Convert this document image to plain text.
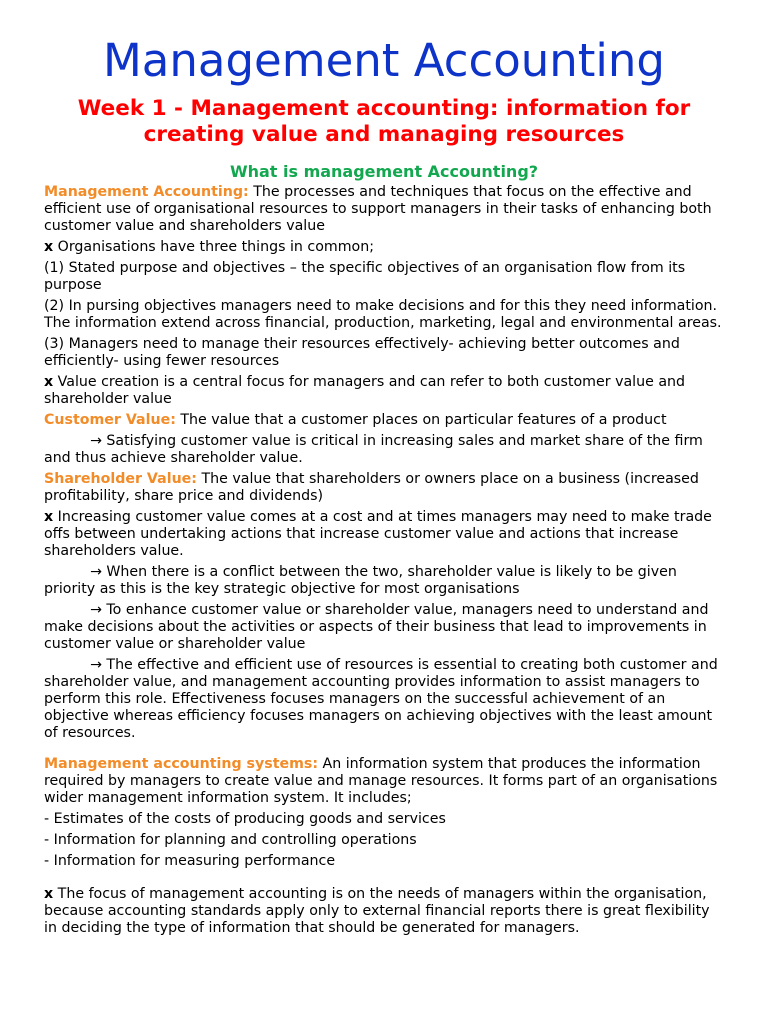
Management Accounting
Week 1 - Management accounting: information for creating value and managing resources
What is management Accounting?

Management Accounting: The processes and techniques that focus on the effective and efficient use of organisational resources to support managers in their tasks of enhancing both customer value and shareholders value

x Organisations have three things in common;

(1) Stated purpose and objectives – the specific objectives of an organisation flow from its purpose

(2) In pursing objectives managers need to make decisions and for this they need information. The information extend across financial, production, marketing, legal and environmental areas.

(3) Managers need to manage their resources effectively- achieving better outcomes and efficiently- using fewer resources

x Value creation is a central focus for managers and can refer to both customer value and shareholder value

Customer Value: The value that a customer places on particular features of a product

→ Satisfying customer value is critical in increasing sales and market share of the firm and thus achieve shareholder value.

Shareholder Value: The value that shareholders or owners place on a business (increased profitability, share price and dividends)

x Increasing customer value comes at a cost and at times managers may need to make trade offs between undertaking actions that increase customer value and actions that increase shareholders value.

→ When there is a conflict between the two, shareholder value is likely to be given priority as this is the key strategic objective for most organisations

→ To enhance customer value or shareholder value, managers need to understand and make decisions about the activities or aspects of their business that lead to improvements in customer value or shareholder value

→ The effective and efficient use of resources is essential to creating both customer and shareholder value, and management accounting provides information to assist managers to perform this role. Effectiveness focuses managers on the successful achievement of an objective whereas efficiency focuses managers on achieving objectives with the least amount of resources.

Management accounting systems: An information system that produces the information required by managers to create value and manage resources. It forms part of an organisations wider management information system. It includes;

- Estimates of the costs of producing goods and services

- Information for planning and controlling operations

- Information for measuring performance

x The focus of management accounting is on the needs of managers within the organisation, because accounting standards apply only to external financial reports there is great flexibility in deciding the type of information that should be generated for managers.
